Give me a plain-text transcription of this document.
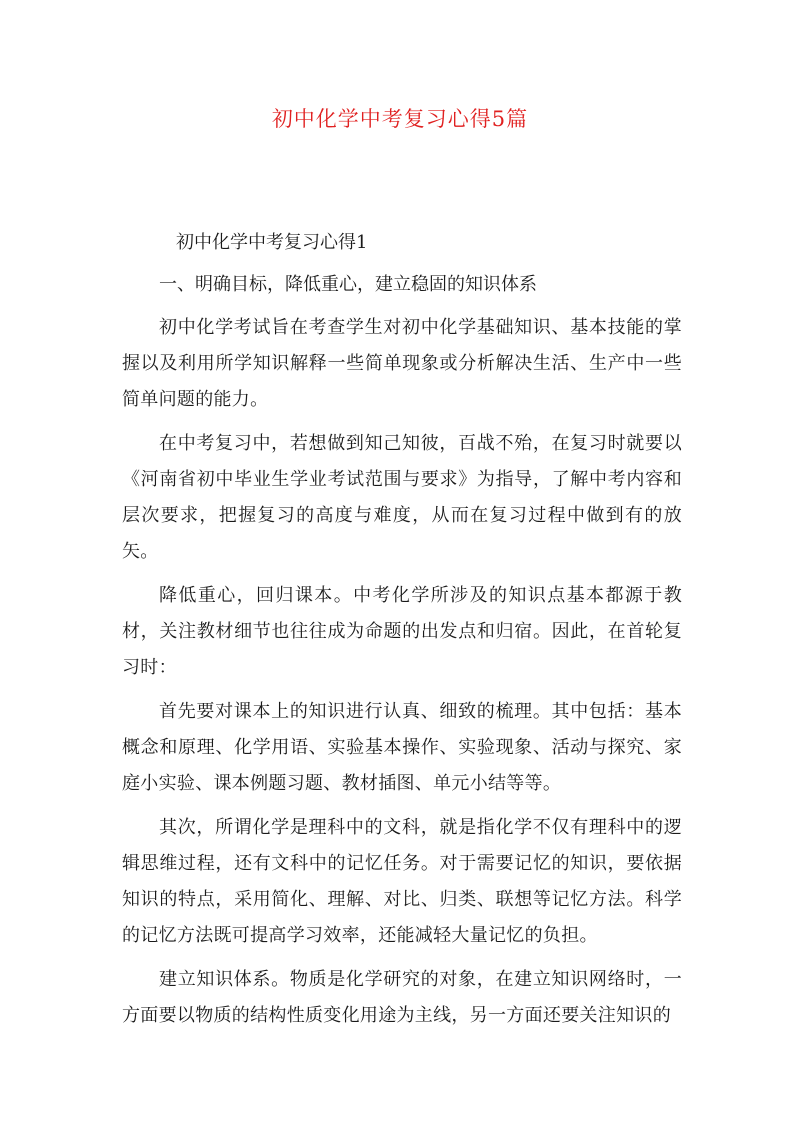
初中化学中考复习心得5篇

初中化学中考复习心得1

一、明确目标，降低重心，建立稳固的知识体系

初中化学考试旨在考查学生对初中化学基础知识、基本技能的掌握以及利用所学知识解释一些简单现象或分析解决生活、生产中一些简单问题的能力。

在中考复习中，若想做到知己知彼，百战不殆，在复习时就要以《河南省初中毕业生学业考试范围与要求》为指导，了解中考内容和层次要求，把握复习的高度与难度，从而在复习过程中做到有的放矢。

降低重心，回归课本。中考化学所涉及的知识点基本都源于教材，关注教材细节也往往成为命题的出发点和归宿。因此，在首轮复习时：

首先要对课本上的知识进行认真、细致的梳理。其中包括：基本概念和原理、化学用语、实验基本操作、实验现象、活动与探究、家庭小实验、课本例题习题、教材插图、单元小结等等。

其次，所谓化学是理科中的文科，就是指化学不仅有理科中的逻辑思维过程，还有文科中的记忆任务。对于需要记忆的知识，要依据知识的特点，采用简化、理解、对比、归类、联想等记忆方法。科学的记忆方法既可提高学习效率，还能减轻大量记忆的负担。

建立知识体系。物质是化学研究的对象，在建立知识网络时，一方面要以物质的结构性质变化用途为主线，另一方面还要关注知识的
